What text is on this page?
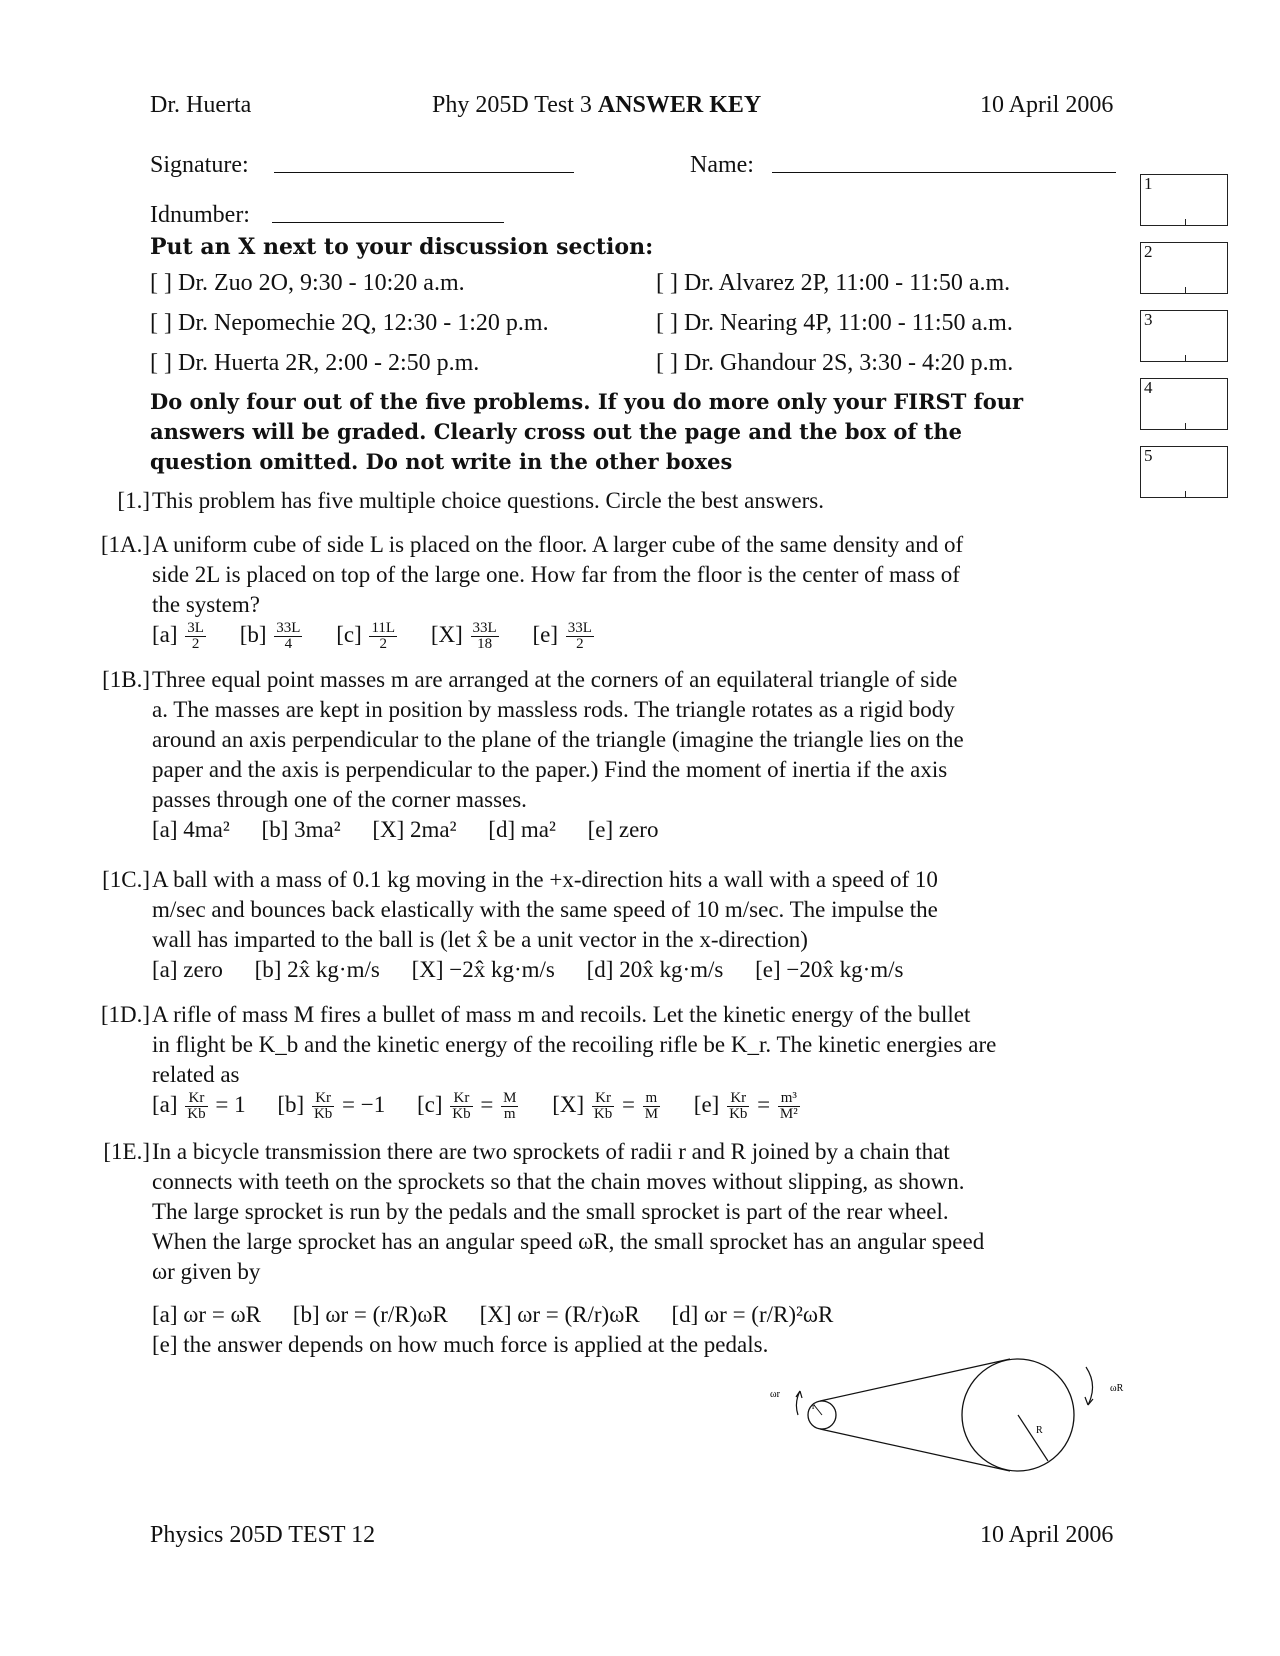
Dr. Huerta	Phy 205D Test 3 ANSWER KEY	10 April 2006
Signature:	Name:
Idnumber:
Put an X next to your discussion section:
[ ] Dr. Zuo 2O, 9:30 - 10:20 a.m.	[ ] Dr. Alvarez 2P, 11:00 - 11:50 a.m.
[ ] Dr. Nepomechie 2Q, 12:30 - 1:20 p.m.	[ ] Dr. Nearing 4P, 11:00 - 11:50 a.m.
[ ] Dr. Huerta 2R, 2:00 - 2:50 p.m.	[ ] Dr. Ghandour 2S, 3:30 - 4:20 p.m.
Do only four out of the five problems. If you do more only your FIRST four
answers will be graded. Clearly cross out the page and the box of the
question omitted. Do not write in the other boxes
1
2
3
4
5
[1.] This problem has five multiple choice questions. Circle the best answers.
[1A.] A uniform cube of side L is placed on the floor. A larger cube of the same density and of
side 2L is placed on top of the large one. How far from the floor is the center of mass of
the system?
$[a] \frac{3L}{2} [b] \frac{33L}{4} [c] \frac{11L}{2} [X] \frac{33L}{18} [e] \frac{33L}{2}$
[1B.] Three equal point masses m are arranged at the corners of an equilateral triangle of side
a. The masses are kept in position by massless rods. The triangle rotates as a rigid body
around an axis perpendicular to the plane of the triangle (imagine the triangle lies on the
paper and the axis is perpendicular to the paper.) Find the moment of inertia if the axis
passes through one of the corner masses.
[a] 4ma² [b] 3ma² [X] 2ma² [d] ma² [e] zero
[1C.] A ball with a mass of 0.1 kg moving in the +x-direction hits a wall with a speed of 10
m/sec and bounces back elastically with the same speed of 10 m/sec. The impulse the
wall has imparted to the ball is (let x̂ be a unit vector in the x-direction)
[a] zero [b] 2x̂ kg·m/s [X] −2x̂ kg·m/s [d] 20x̂ kg·m/s [e] −20x̂ kg·m/s
[1D.] A rifle of mass M fires a bullet of mass m and recoils. Let the kinetic energy of the bullet
in flight be K_b and the kinetic energy of the recoiling rifle be K_r. The kinetic energies are
related as
$[a] \frac{Kr}{Kb} = 1$ $[b] \frac{Kr}{Kb} = -1$ $[c] \frac{Kr}{Kb} = \frac{M}{m} [X] \frac{Kr}{Kb} = \frac{m}{M} [e] \frac{Kr}{Kb} = \frac{\text{m³}}{\text{M²}}$
[1E.] In a bicycle transmission there are two sprockets of radii r and R joined by a chain that
connects with teeth on the sprockets so that the chain moves without slipping, as shown.
The large sprocket is run by the pedals and the small sprocket is part of the rear wheel.
When the large sprocket has an angular speed ωR, the small sprocket has an angular speed
ωr given by
[a] ωr = ωR [b] ωr = (r/R)ωR [X] ωr = (R/r)ωR [d] ωr = (r/R)²ωR
[e] the answer depends on how much force is applied at the pedals.
r
R
ωr
ωR
Physics 205D TEST 12	10 April 2006
